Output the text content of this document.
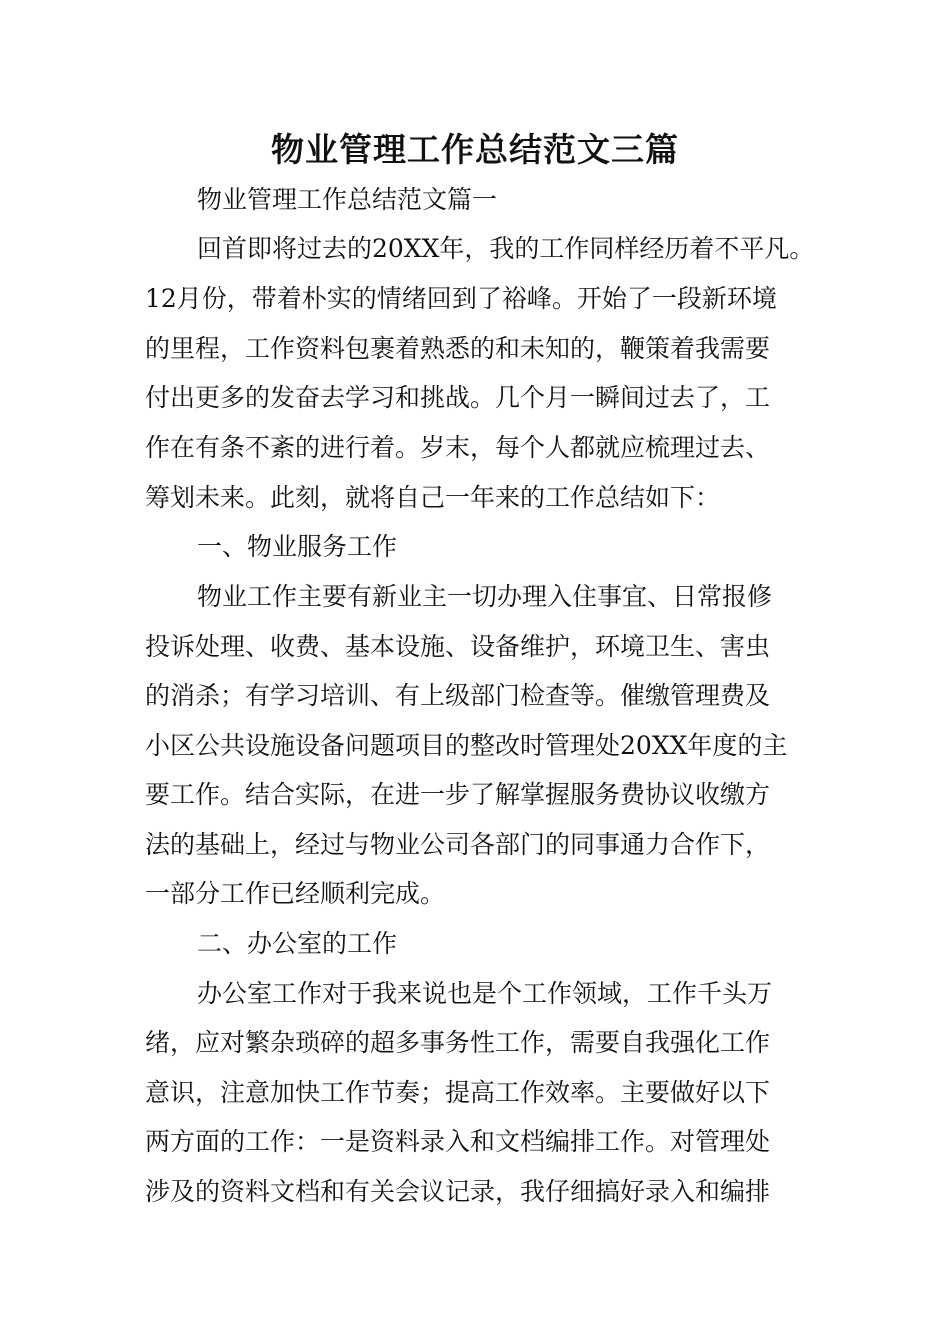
物业管理工作总结范文三篇

物业管理工作总结范文篇一

回首即将过去的20XX年，我的工作同样经历着不平凡。

12月份，带着朴实的情绪回到了裕峰。开始了一段新环境

的里程，工作资料包裹着熟悉的和未知的，鞭策着我需要

付出更多的发奋去学习和挑战。几个月一瞬间过去了，工

作在有条不紊的进行着。岁末，每个人都就应梳理过去、

筹划未来。此刻，就将自己一年来的工作总结如下：

一、物业服务工作

物业工作主要有新业主一切办理入住事宜、日常报修

投诉处理、收费、基本设施、设备维护，环境卫生、害虫

的消杀；有学习培训、有上级部门检查等。催缴管理费及

小区公共设施设备问题项目的整改时管理处20XX年度的主

要工作。结合实际，在进一步了解掌握服务费协议收缴方

法的基础上，经过与物业公司各部门的同事通力合作下，

一部分工作已经顺利完成。

二、办公室的工作

办公室工作对于我来说也是个工作领域，工作千头万

绪，应对繁杂琐碎的超多事务性工作，需要自我强化工作

意识，注意加快工作节奏；提高工作效率。主要做好以下

两方面的工作：一是资料录入和文档编排工作。对管理处

涉及的资料文档和有关会议记录，我仔细搞好录入和编排
